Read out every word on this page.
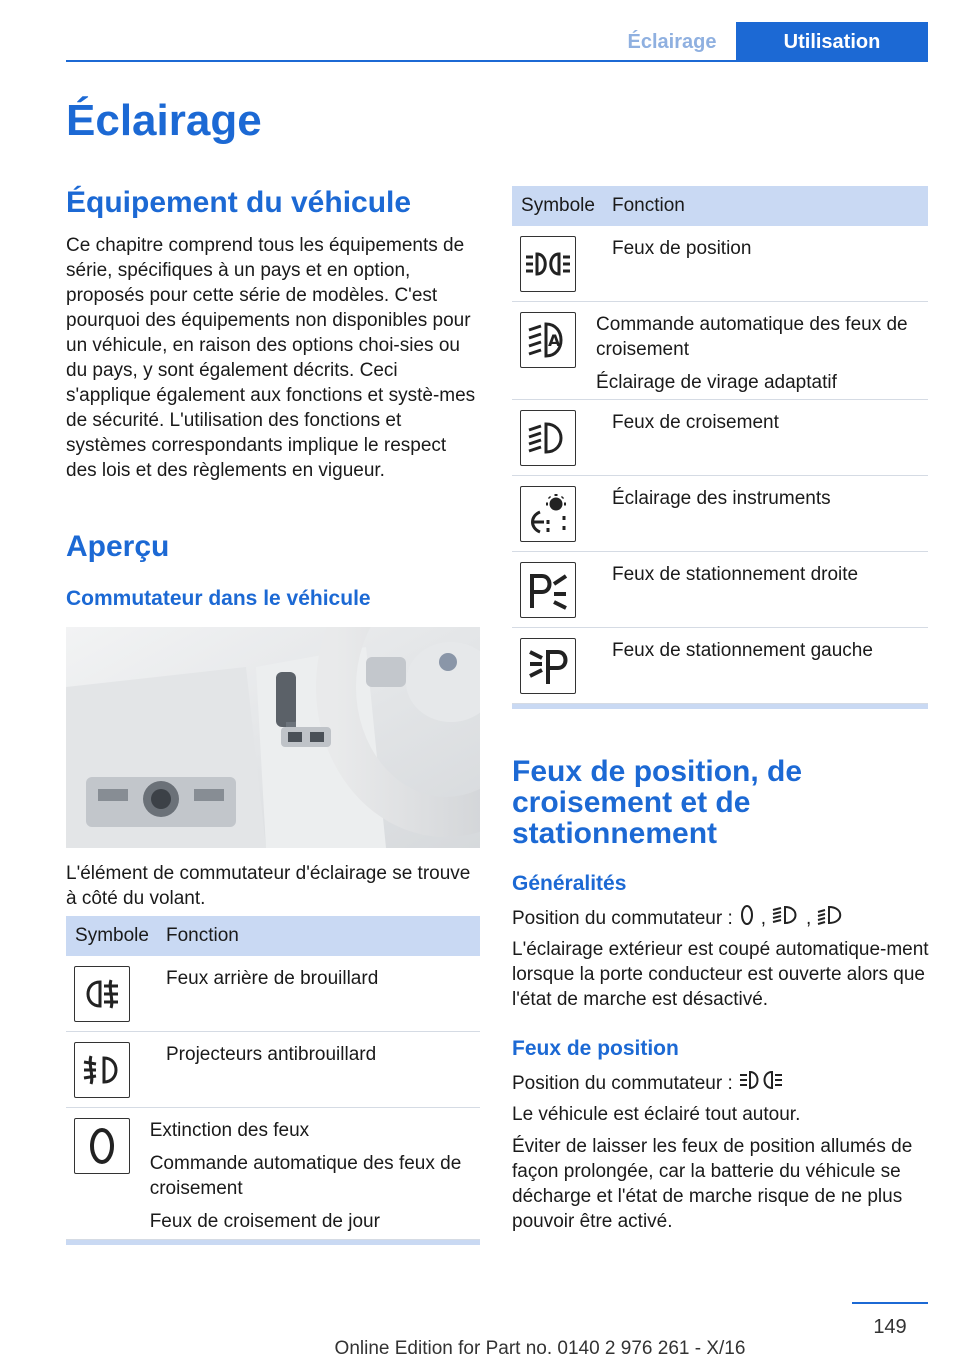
Éclairage	Utilisation
Éclairage
Équipement du véhicule

Ce chapitre comprend tous les équipements de série, spécifiques à un pays et en option, proposés pour cette série de modèles. C'est pourquoi des équipements non disponibles pour un véhicule, en raison des options choi-sies ou du pays, y sont également décrits. Ceci s'applique également aux fonctions et systè-mes de sécurité. L'utilisation des fonctions et systèmes correspondants implique le respect des lois et des règlements en vigueur.

Aperçu
Commutateur dans le véhicule

L'élément de commutateur d'éclairage se trouve à côté du volant.

Symbole Fonction
Feux arrière de brouillard
Projecteurs antibrouillard
Extinction des feux
Commande automatique des feux de croisement
Feux de croisement de jour
Symbole Fonction
Feux de position
A
Commande automatique des feux de croisement
Éclairage de virage adaptatif
Feux de croisement
Éclairage des instruments
Feux de stationnement droite
Feux de stationnement gauche
Feux de position, de croisement et de stationnement
Généralités
Position du commutateur : , ,

L'éclairage extérieur est coupé automatique-ment lorsque la porte conducteur est ouverte alors que l'état de marche est désactivé.

Feux de position
Position du commutateur :

Le véhicule est éclairé tout autour.

Éviter de laisser les feux de position allumés de façon prolongée, car la batterie du véhicule se décharge et l'état de marche risque de ne plus pouvoir être activé.

149
Online Edition for Part no. 0140 2 976 261 - X/16
